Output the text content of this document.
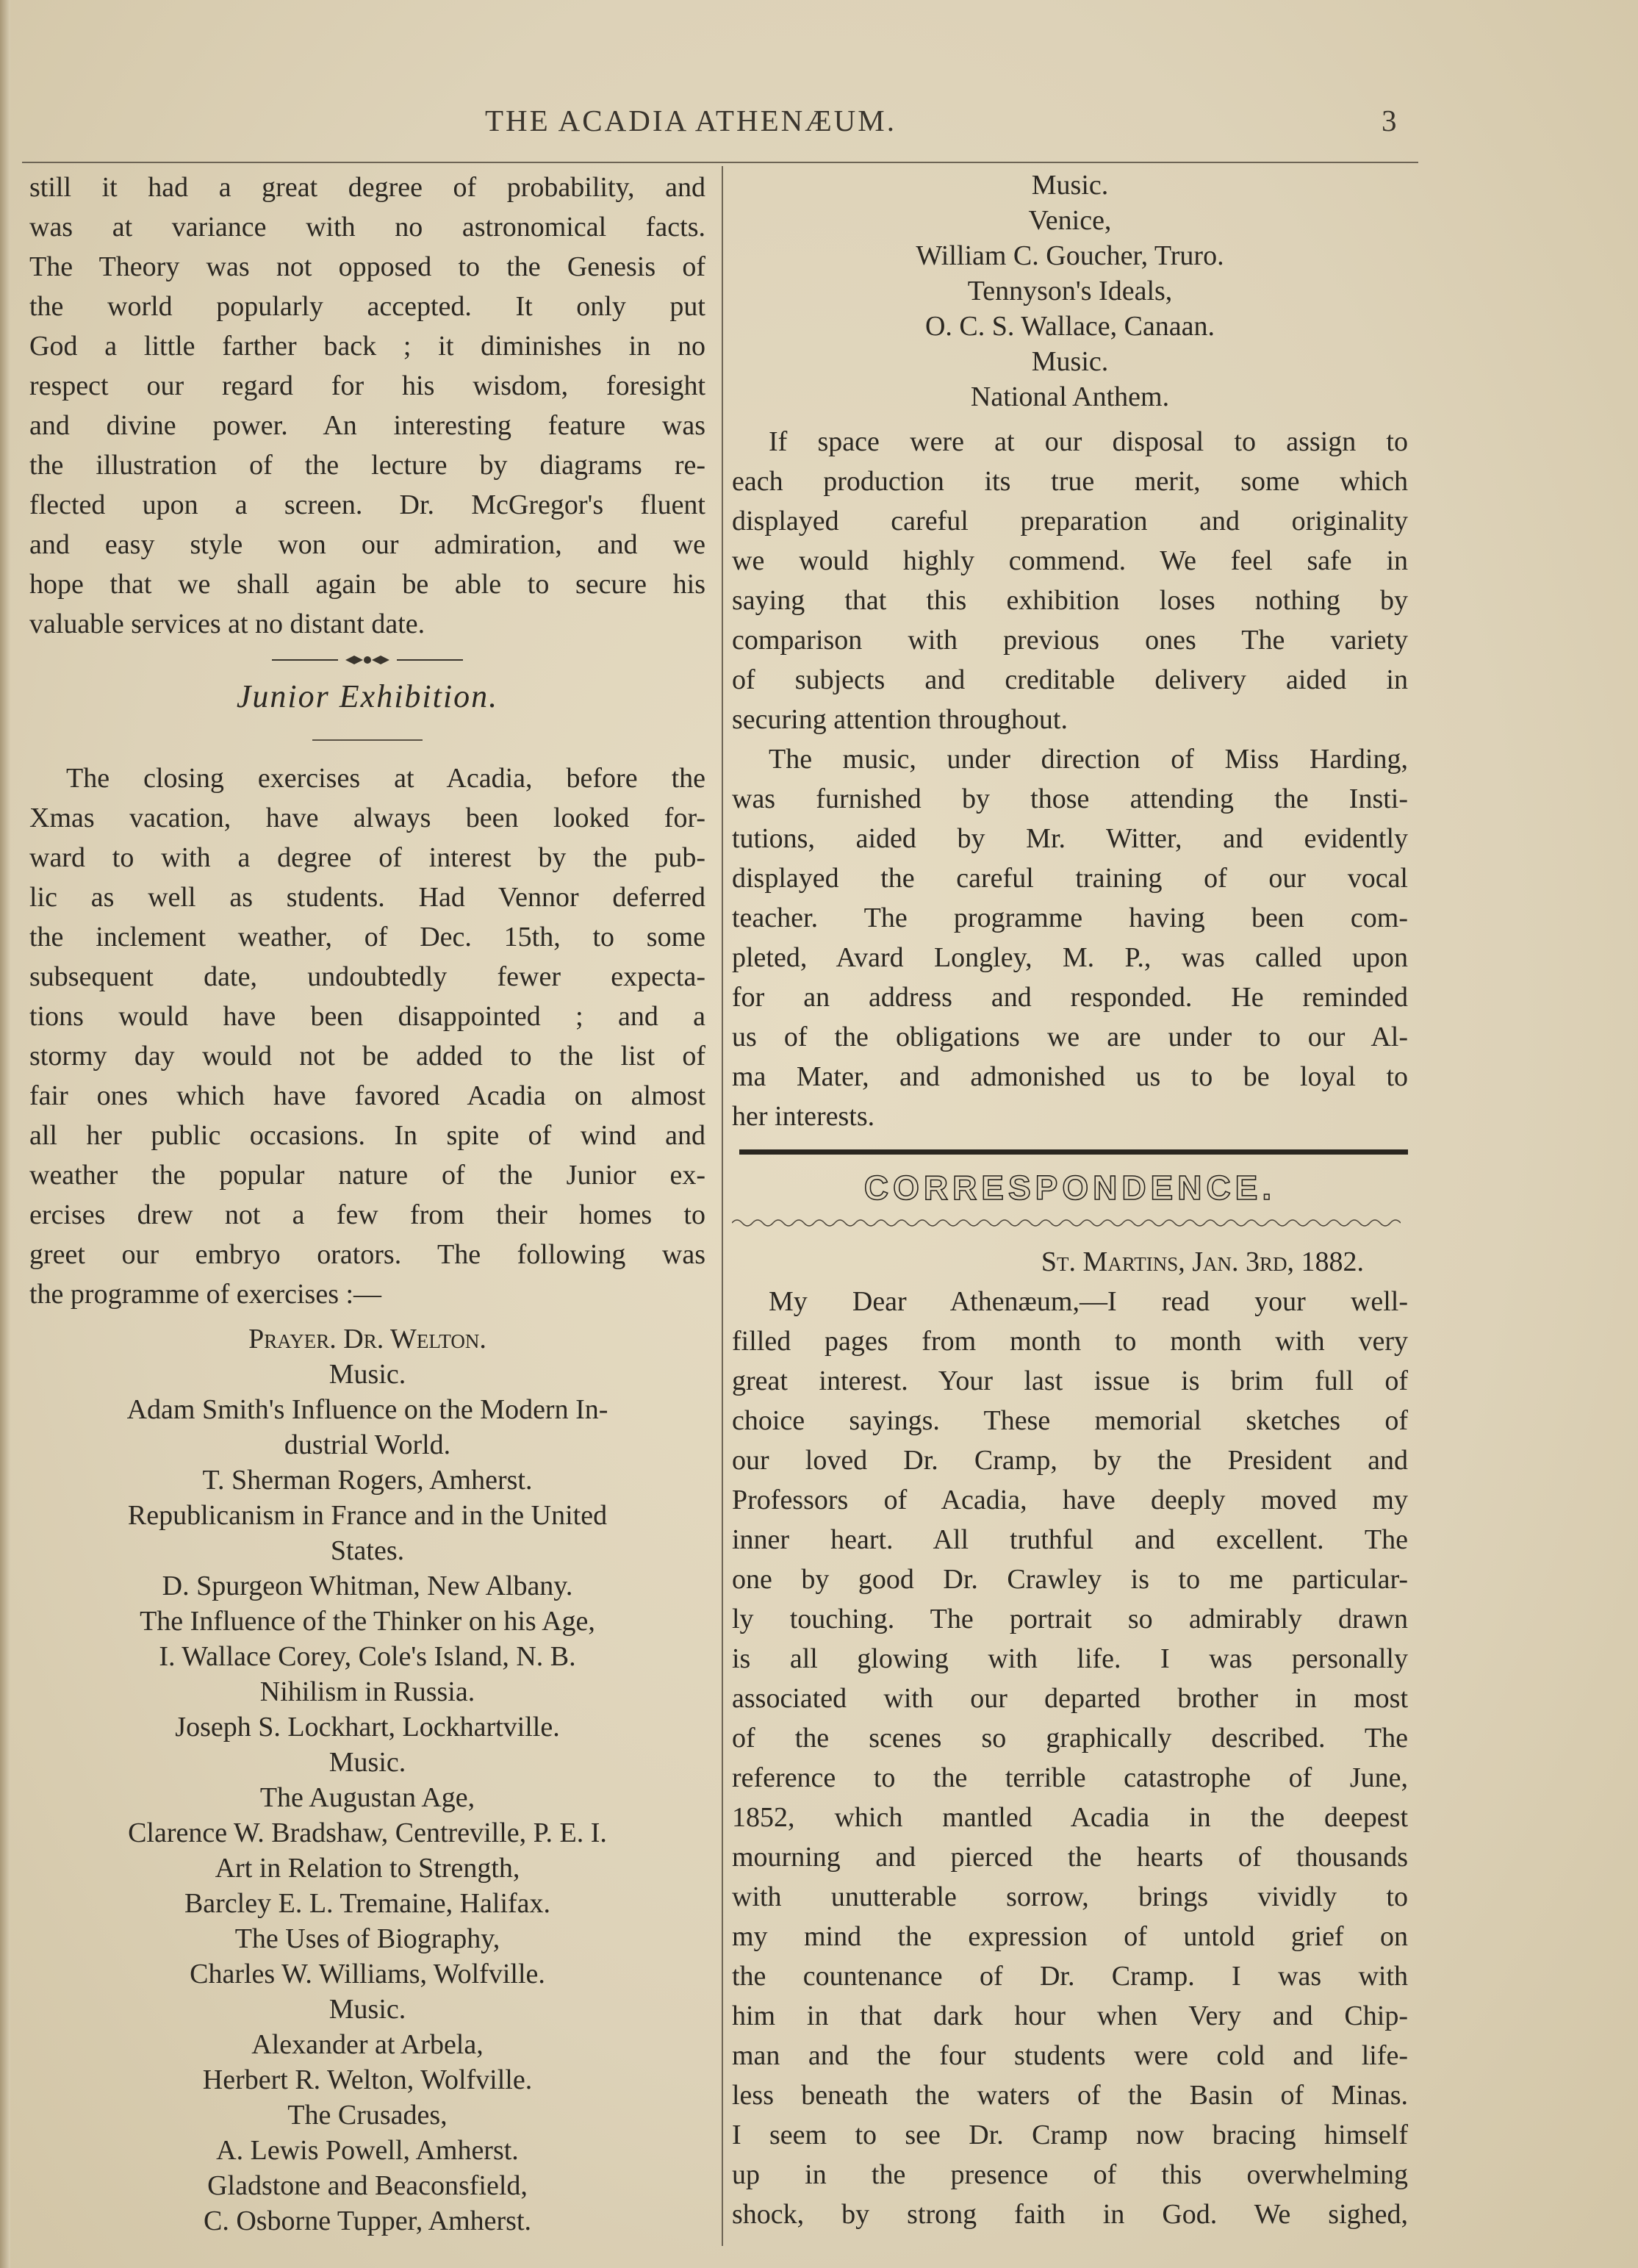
THE ACADIA ATHENÆUM.	3
still it had a great degree of probability, and
was at variance with no astronomical facts.
The Theory was not opposed to the Genesis of
the world popularly accepted. It only put
God a little farther back ; it diminishes in no
respect our regard for his wisdom, foresight
and divine power. An interesting feature was
the illustration of the lecture by diagrams re-
flected upon a screen. Dr. McGregor's fluent
and easy style won our admiration, and we
hope that we shall again be able to secure his
valuable services at no distant date.
Junior Exhibition.
The closing exercises at Acadia, before the
Xmas vacation, have always been looked for-
ward to with a degree of interest by the pub-
lic as well as students. Had Vennor deferred
the inclement weather, of Dec. 15th, to some
subsequent date, undoubtedly fewer expecta-
tions would have been disappointed ; and a
stormy day would not be added to the list of
fair ones which have favored Acadia on almost
all her public occasions. In spite of wind and
weather the popular nature of the Junior ex-
ercises drew not a few from their homes to
greet our embryo orators. The following was
the programme of exercises :—
Prayer. Dr. Welton.
Music.
Adam Smith's Influence on the Modern In-
dustrial World.
T. Sherman Rogers, Amherst.
Republicanism in France and in the United
States.
D. Spurgeon Whitman, New Albany.
The Influence of the Thinker on his Age,
I. Wallace Corey, Cole's Island, N. B.
Nihilism in Russia.
Joseph S. Lockhart, Lockhartville.
Music.
The Augustan Age,
Clarence W. Bradshaw, Centreville, P. E. I.
Art in Relation to Strength,
Barcley E. L. Tremaine, Halifax.
The Uses of Biography,
Charles W. Williams, Wolfville.
Music.
Alexander at Arbela,
Herbert R. Welton, Wolfville.
The Crusades,
A. Lewis Powell, Amherst.
Gladstone and Beaconsfield,
C. Osborne Tupper, Amherst.
Music.
Venice,
William C. Goucher, Truro.
Tennyson's Ideals,
O. C. S. Wallace, Canaan.
Music.
National Anthem.
If space were at our disposal to assign to
each production its true merit, some which
displayed careful preparation and originality
we would highly commend. We feel safe in
saying that this exhibition loses nothing by
comparison with previous ones The variety
of subjects and creditable delivery aided in
securing attention throughout.
The music, under direction of Miss Harding,
was furnished by those attending the Insti-
tutions, aided by Mr. Witter, and evidently
displayed the careful training of our vocal
teacher. The programme having been com-
pleted, Avard Longley, M. P., was called upon
for an address and responded. He reminded
us of the obligations we are under to our Al-
ma Mater, and admonished us to be loyal to
her interests.
CORRESPONDENCE.
St. Martins, Jan. 3rd, 1882.
My Dear Athenæum,—I read your well-
filled pages from month to month with very
great interest. Your last issue is brim full of
choice sayings. These memorial sketches of
our loved Dr. Cramp, by the President and
Professors of Acadia, have deeply moved my
inner heart. All truthful and excellent. The
one by good Dr. Crawley is to me particular-
ly touching. The portrait so admirably drawn
is all glowing with life. I was personally
associated with our departed brother in most
of the scenes so graphically described. The
reference to the terrible catastrophe of June,
1852, which mantled Acadia in the deepest
mourning and pierced the hearts of thousands
with unutterable sorrow, brings vividly to
my mind the expression of untold grief on
the countenance of Dr. Cramp. I was with
him in that dark hour when Very and Chip-
man and the four students were cold and life-
less beneath the waters of the Basin of Minas.
I seem to see Dr. Cramp now bracing himself
up in the presence of this overwhelming
shock, by strong faith in God. We sighed,
